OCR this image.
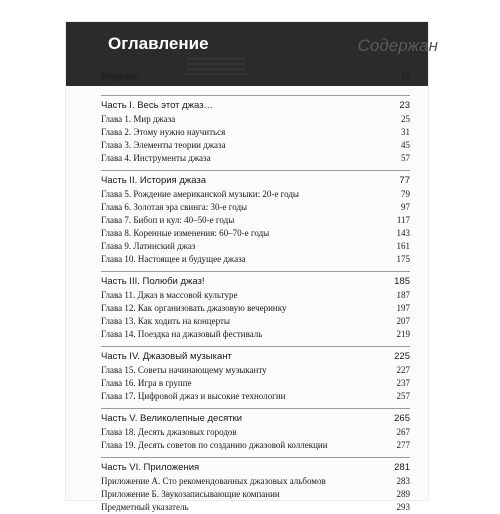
Оглавление	Содержан
Введение	19
Часть I. Весь этот джаз…	23
Глава 1. Мир джаза	25
Глава 2. Этому нужно научиться	31
Глава 3. Элементы теории джаза	45
Глава 4. Инструменты джаза	57
Часть II. История джаза	77
Глава 5. Рождение американской музыки: 20-е годы	79
Глава 6. Золотая эра свинга: 30-е годы	97
Глава 7. Бибоп и кул: 40–50-е годы	117
Глава 8. Коренные изменения: 60–70-е годы	143
Глава 9. Латинский джаз	161
Глава 10. Настоящее и будущее джаза	175
Часть III. Полюби джаз!	185
Глава 11. Джаз в массовой культуре	187
Глава 12. Как организовать джазовую вечеринку	197
Глава 13. Как ходить на концерты	207
Глава 14. Поездка на джазовый фестиваль	219
Часть IV. Джазовый музыкант	225
Глава 15. Советы начинающему музыканту	227
Глава 16. Игра в группе	237
Глава 17. Цифровой джаз и высокие технологии	257
Часть V. Великолепные десятки	265
Глава 18. Десять джазовых городов	267
Глава 19. Десять советов по созданию джазовой коллекции	277
Часть VI. Приложения	281
Приложение А. Сто рекомендованных джазовых альбомов	283
Приложение Б. Звукозаписывающие компании	289
Предметный указатель	293
